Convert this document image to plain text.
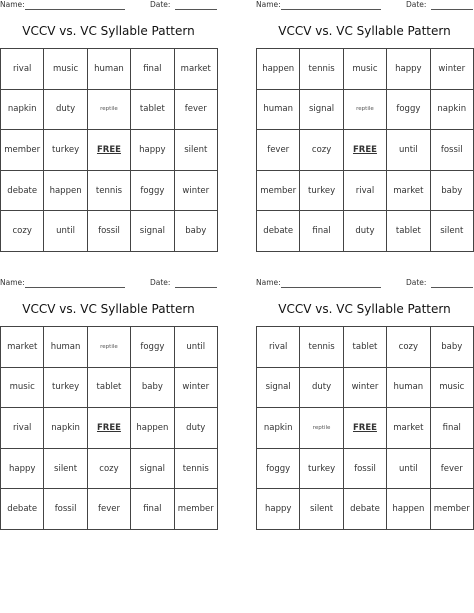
Name:	Date:
VCCV vs. VC Syllable Pattern
rival	music	human	final	market
napkin	duty	reptile	tablet	fever
member	turkey	FREE	happy	silent
debate	happen	tennis	foggy	winter
cozy	until	fossil	signal	baby
Name:	Date:
VCCV vs. VC Syllable Pattern
happen	tennis	music	happy	winter
human	signal	reptile	foggy	napkin
fever	cozy	FREE	until	fossil
member	turkey	rival	market	baby
debate	final	duty	tablet	silent
Name:	Date:
VCCV vs. VC Syllable Pattern
market	human	reptile	foggy	until
music	turkey	tablet	baby	winter
rival	napkin	FREE	happen	duty
happy	silent	cozy	signal	tennis
debate	fossil	fever	final	member
Name:	Date:
VCCV vs. VC Syllable Pattern
rival	tennis	tablet	cozy	baby
signal	duty	winter	human	music
napkin	reptile	FREE	market	final
foggy	turkey	fossil	until	fever
happy	silent	debate	happen	member
